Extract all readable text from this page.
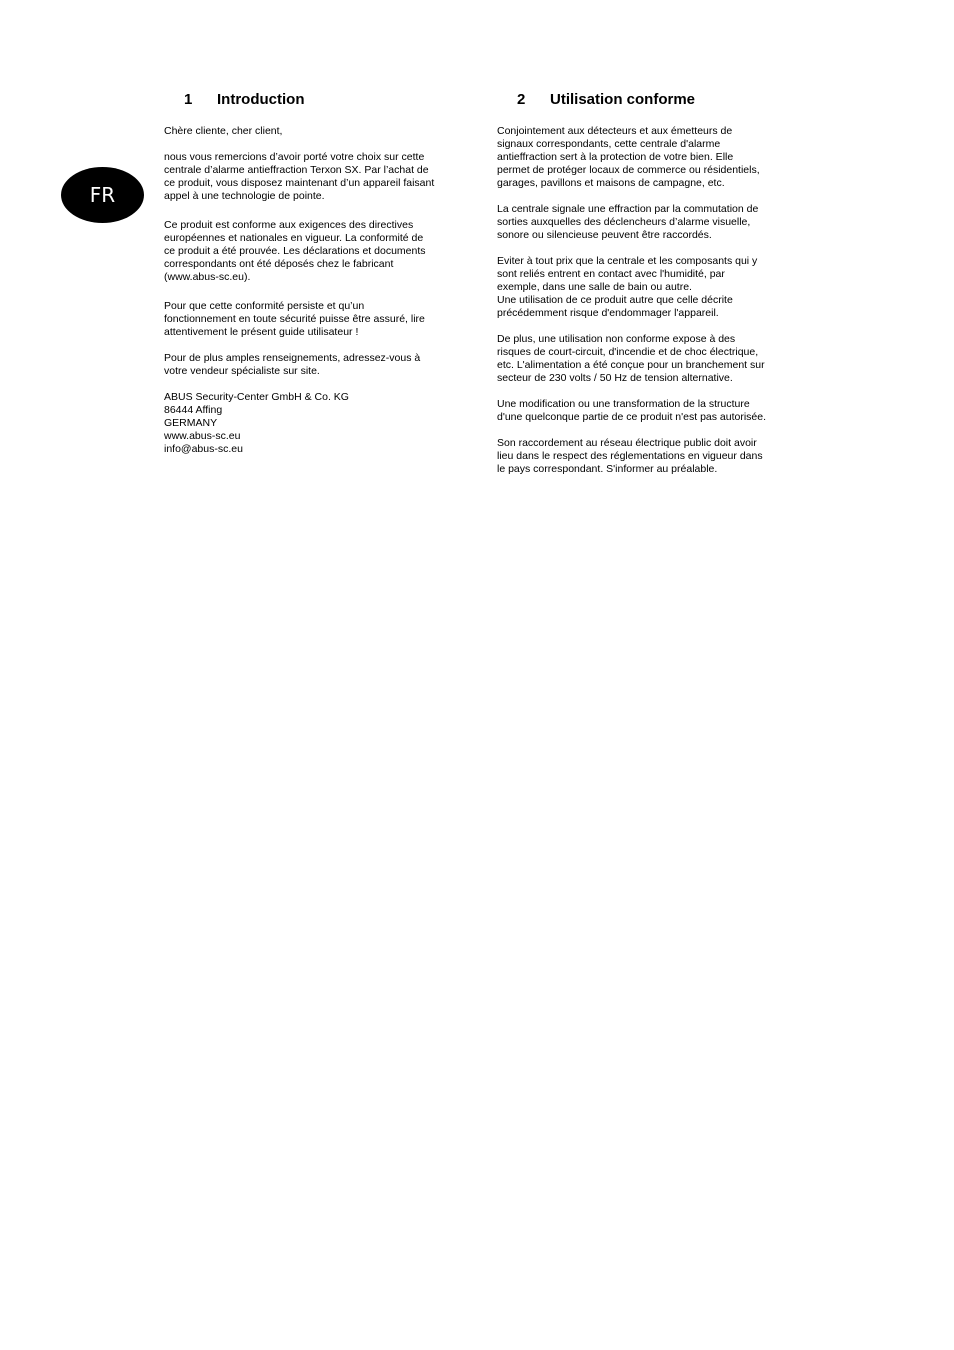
FR
1 Introduction	2 Utilisation conforme

Chère cliente, cher client,

nous vous remercions d’avoir porté votre choix sur cette
centrale d’alarme antieffraction Terxon SX. Par l’achat de
ce produit, vous disposez maintenant d’un appareil faisant
appel à une technologie de pointe.

Ce produit est conforme aux exigences des directives
européennes et nationales en vigueur. La conformité de
ce produit a été prouvée. Les déclarations et documents
correspondants ont été déposés chez le fabricant
(www.abus-sc.eu).

Pour que cette conformité persiste et qu’un
fonctionnement en toute sécurité puisse être assuré, lire
attentivement le présent guide utilisateur !

Pour de plus amples renseignements, adressez-vous à
votre vendeur spécialiste sur site.

ABUS Security-Center GmbH & Co. KG
86444 Affing
GERMANY
www.abus-sc.eu
info@abus-sc.eu

Conjointement aux détecteurs et aux émetteurs de
signaux correspondants, cette centrale d'alarme
antieffraction sert à la protection de votre bien. Elle
permet de protéger locaux de commerce ou résidentiels,
garages, pavillons et maisons de campagne, etc.

La centrale signale une effraction par la commutation de
sorties auxquelles des déclencheurs d’alarme visuelle,
sonore ou silencieuse peuvent être raccordés.

Eviter à tout prix que la centrale et les composants qui y
sont reliés entrent en contact avec l'humidité, par
exemple, dans une salle de bain ou autre.
Une utilisation de ce produit autre que celle décrite
précédemment risque d'endommager l'appareil.

De plus, une utilisation non conforme expose à des
risques de court-circuit, d'incendie et de choc électrique,
etc. L'alimentation a été conçue pour un branchement sur
secteur de 230 volts / 50 Hz de tension alternative.

Une modification ou une transformation de la structure
d'une quelconque partie de ce produit n'est pas autorisée.

Son raccordement au réseau électrique public doit avoir
lieu dans le respect des réglementations en vigueur dans
le pays correspondant. S'informer au préalable.
